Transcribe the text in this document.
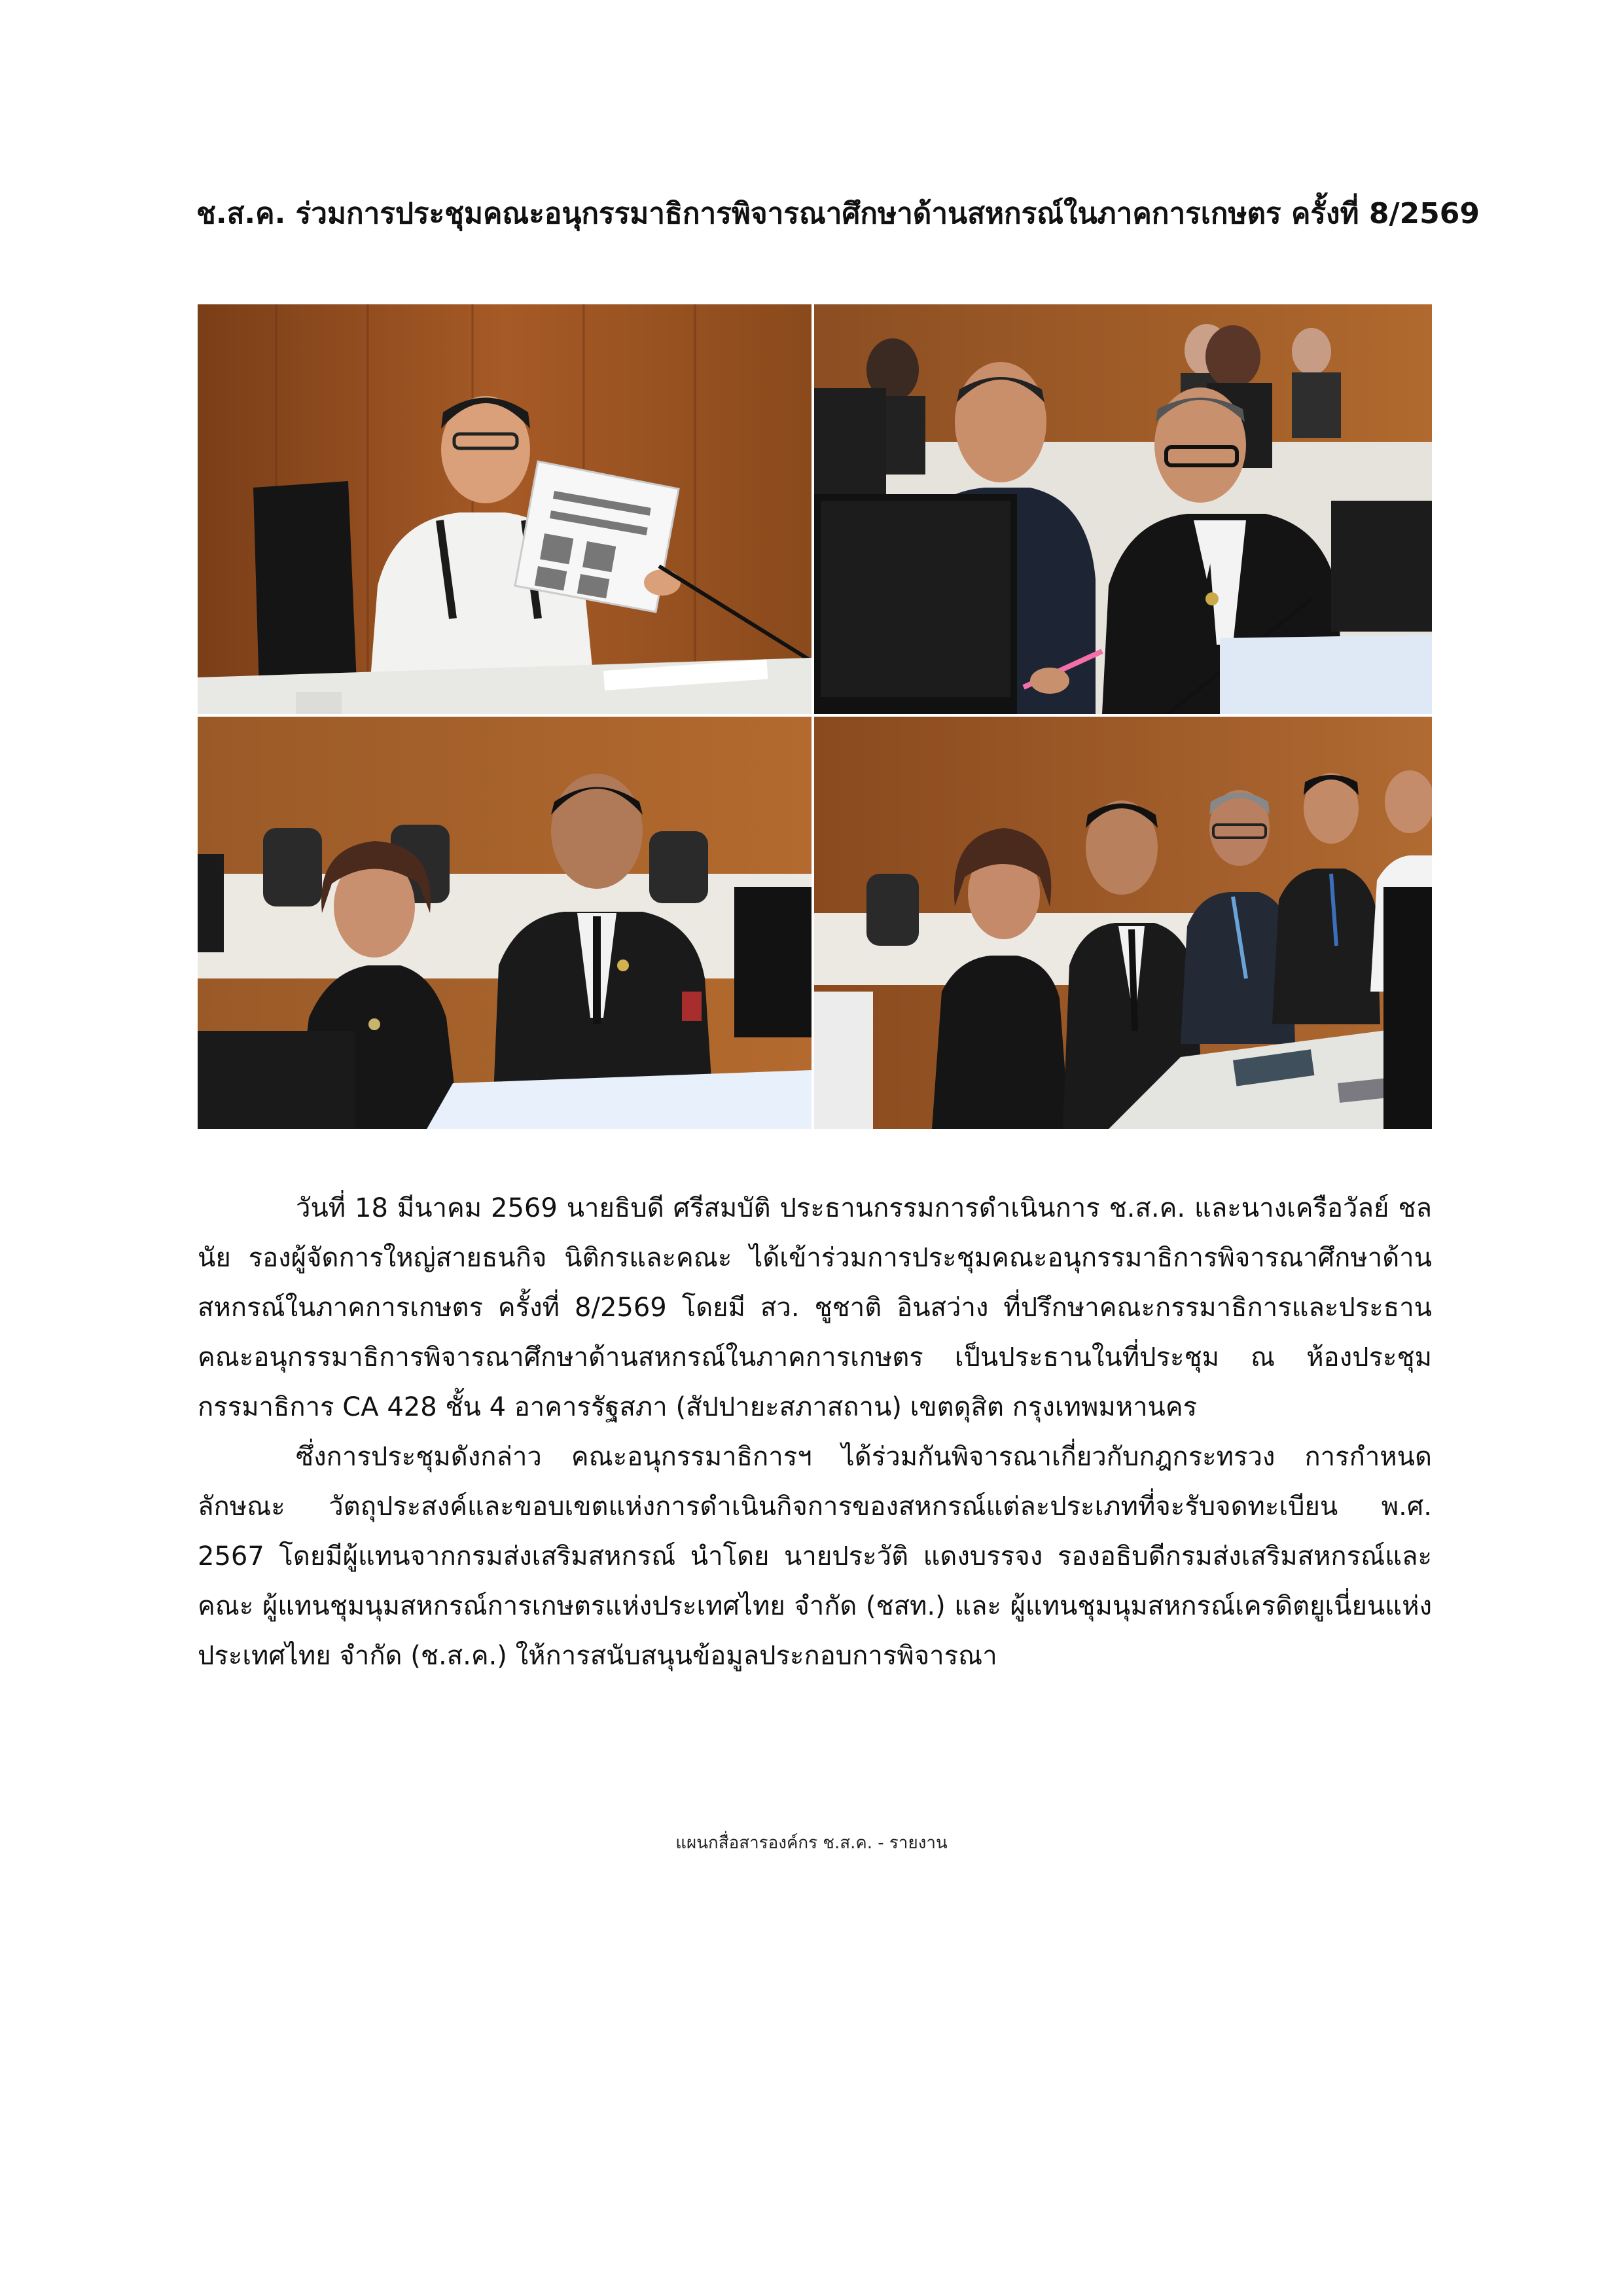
ช.ส.ค. ร่วมการประชุมคณะอนุกรรมาธิการพิจารณาศึกษาด้านสหกรณ์ในภาคการเกษตร ครั้งที่ 8/2569

วันที่ 18 มีนาคม 2569 นายธิบดี ศรีสมบัติ ประธานกรรมการดำเนินการ ช.ส.ค. และนางเครือวัลย์ ชลนัย รองผู้จัดการใหญ่สายธนกิจ นิติกรและคณะ ได้เข้าร่วมการประชุมคณะอนุกรรมาธิการพิจารณาศึกษาด้านสหกรณ์ในภาคการเกษตร ครั้งที่ 8/2569 โดยมี สว. ชูชาติ อินสว่าง ที่ปรึกษาคณะกรรมาธิการและประธานคณะอนุกรรมาธิการพิจารณาศึกษาด้านสหกรณ์ในภาคการเกษตร เป็นประธานในที่ประชุม ณ ห้องประชุมกรรมาธิการ CA 428 ชั้น 4 อาคารรัฐสภา (สัปปายะสภาสถาน) เขตดุสิต กรุงเทพมหานคร

ซึ่งการประชุมดังกล่าว คณะอนุกรรมาธิการฯ ได้ร่วมกันพิจารณาเกี่ยวกับกฎกระทรวง การกำหนดลักษณะ วัตถุประสงค์และขอบเขตแห่งการดำเนินกิจการของสหกรณ์แต่ละประเภทที่จะรับจดทะเบียน พ.ศ. 2567 โดยมีผู้แทนจากกรมส่งเสริมสหกรณ์ นำโดย นายประวัติ แดงบรรจง รองอธิบดีกรมส่งเสริมสหกรณ์และคณะ ผู้แทนชุมนุมสหกรณ์การเกษตรแห่งประเทศไทย จำกัด (ชสท.) และ ผู้แทนชุมนุมสหกรณ์เครดิตยูเนี่ยนแห่งประเทศไทย จำกัด (ช.ส.ค.) ให้การสนับสนุนข้อมูลประกอบการพิจารณา

แผนกสื่อสารองค์กร ช.ส.ค. - รายงาน
